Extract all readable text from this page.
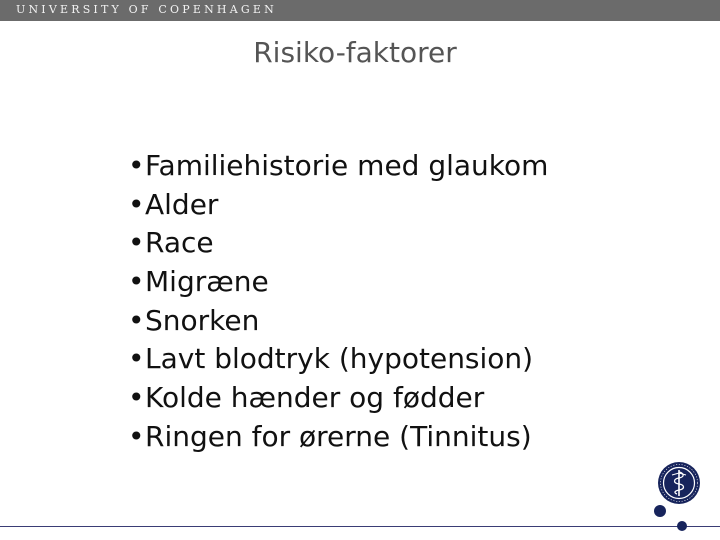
UNIVERSITY OF COPENHAGEN
Risiko-faktorer
•Familiehistorie med glaukom
•Alder
•Race
•Migræne
•Snorken
•Lavt blodtryk (hypotension)
•Kolde hænder og fødder
•Ringen for ørerne (Tinnitus)
